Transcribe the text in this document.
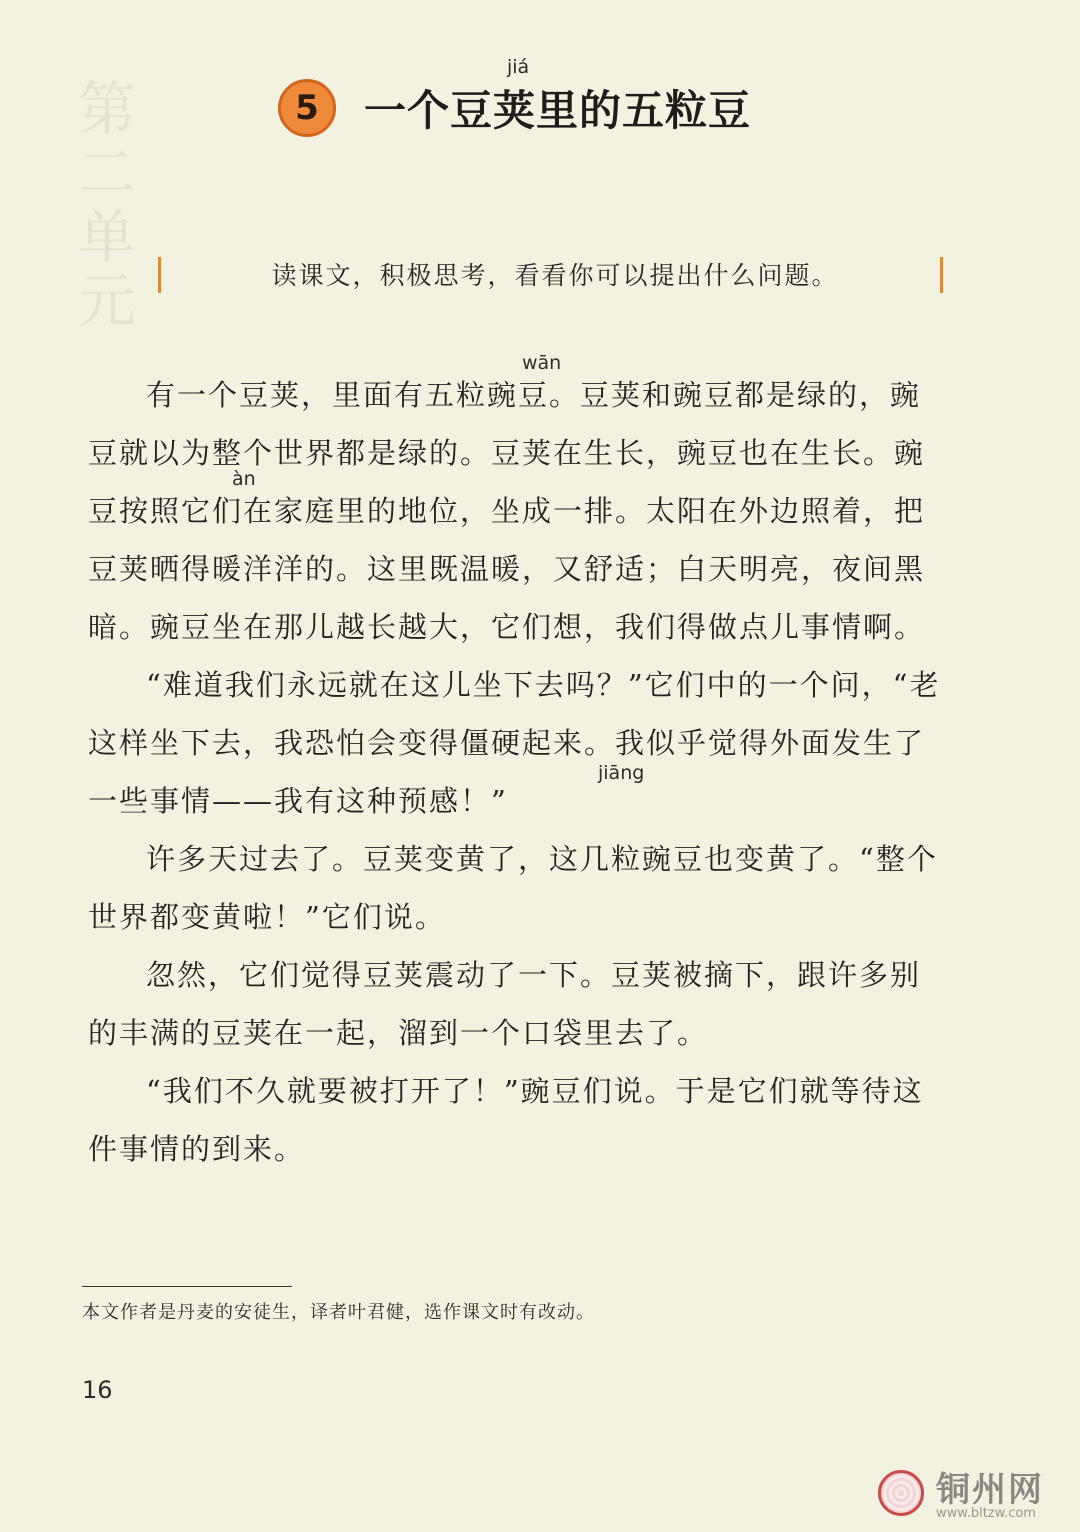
第二单元	5	一个豆荚里的五粒豆
jiá
读课文，积极思考，看看你可以提出什么问题。
wān
àn
jiāng

有一个豆荚，里面有五粒豌豆。豆荚和豌豆都是绿的，豌豆就以为整个世界都是绿的。豆荚在生长，豌豆也在生长。豌豆按照它们在家庭里的地位，坐成一排。太阳在外边照着，把豆荚晒得暖洋洋的。这里既温暖，又舒适；白天明亮，夜间黑暗。豌豆坐在那儿越长越大，它们想，我们得做点儿事情啊。

“难道我们永远就在这儿坐下去吗？”它们中的一个问，“老这样坐下去，我恐怕会变得僵硬起来。我似乎觉得外面发生了一些事情——我有这种预感！”

许多天过去了。豆荚变黄了，这几粒豌豆也变黄了。“整个世界都变黄啦！”它们说。

忽然，它们觉得豆荚震动了一下。豆荚被摘下，跟许多别的丰满的豆荚在一起，溜到一个口袋里去了。

“我们不久就要被打开了！”豌豆们说。于是它们就等待这件事情的到来。

本文作者是丹麦的安徒生，译者叶君健，选作课文时有改动。
16
铜州网
www.bltzw.com
